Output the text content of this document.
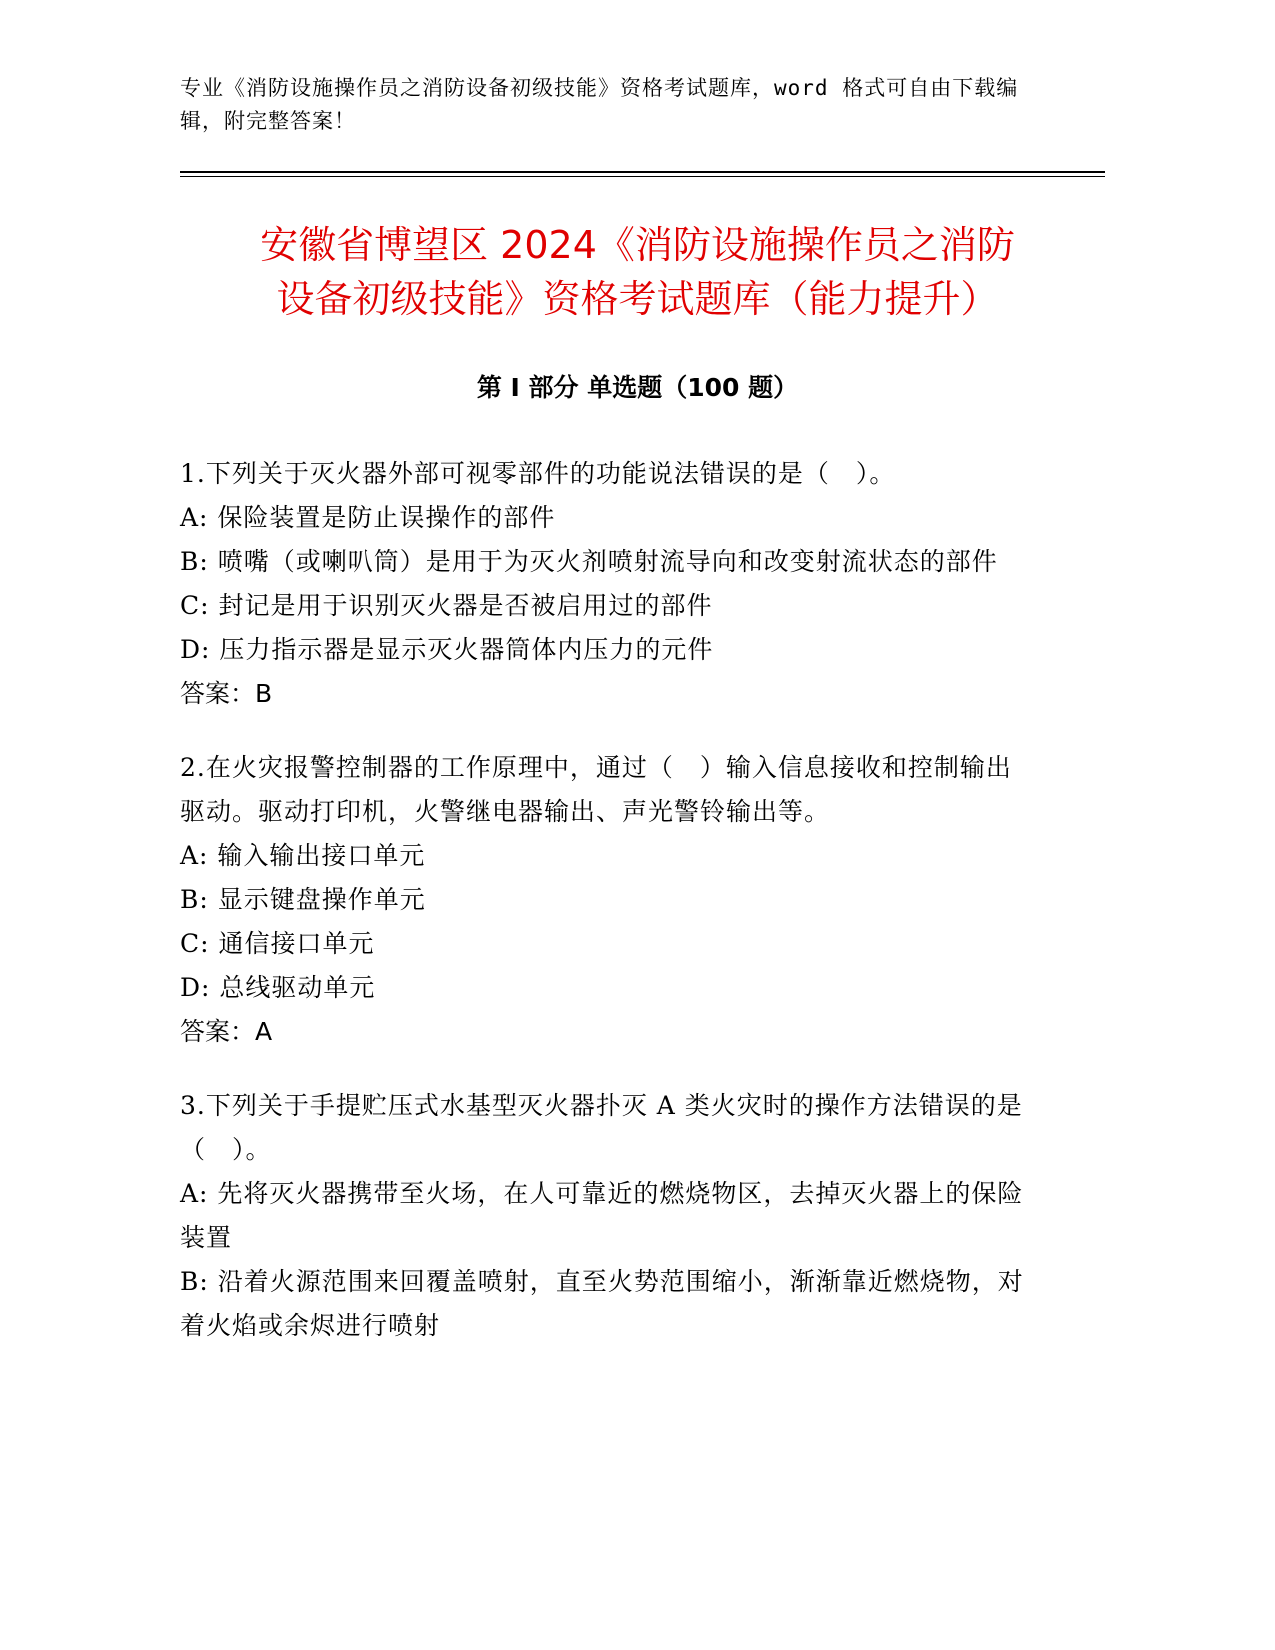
专业《消防设施操作员之消防设备初级技能》资格考试题库，word 格式可自由下载编辑，附完整答案！
安徽省博望区 2024《消防设施操作员之消防
设备初级技能》资格考试题库（能力提升）
第 I 部分 单选题（100 题）

1.下列关于灭火器外部可视零部件的功能说法错误的是（　）。

A: 保险装置是防止误操作的部件

B: 喷嘴（或喇叭筒）是用于为灭火剂喷射流导向和改变射流状态的部件

C: 封记是用于识别灭火器是否被启用过的部件

D: 压力指示器是显示灭火器筒体内压力的元件

答案：B

2.在火灾报警控制器的工作原理中，通过（　）输入信息接收和控制输出驱动。驱动打印机，火警继电器输出、声光警铃输出等。

A: 输入输出接口单元

B: 显示键盘操作单元

C: 通信接口单元

D: 总线驱动单元

答案：A

3.下列关于手提贮压式水基型灭火器扑灭 A 类火灾时的操作方法错误的是（　）。

A: 先将灭火器携带至火场，在人可靠近的燃烧物区，去掉灭火器上的保险装置

B: 沿着火源范围来回覆盖喷射，直至火势范围缩小，渐渐靠近燃烧物，对着火焰或余烬进行喷射
